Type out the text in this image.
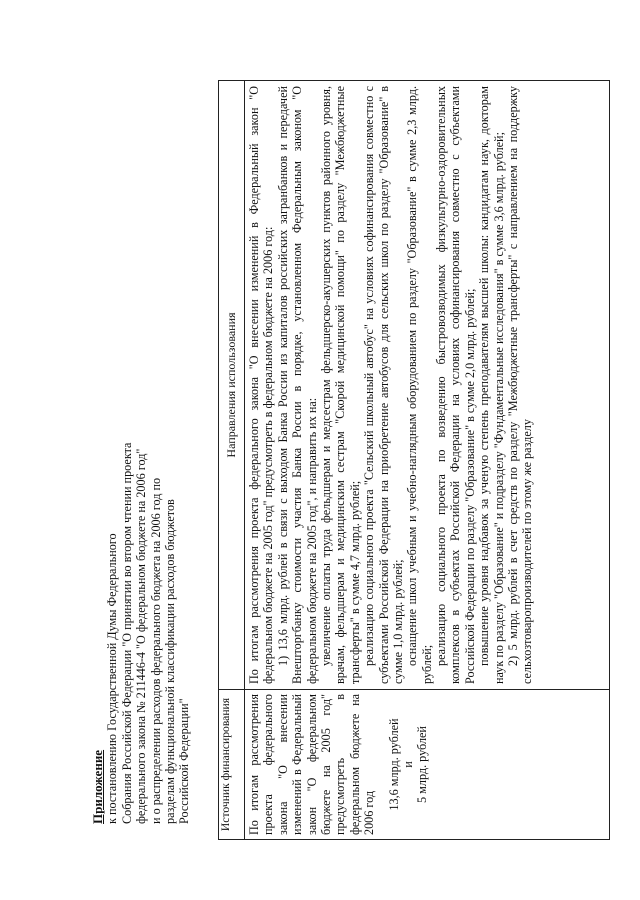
Приложение к постановлению Государственной Думы Федерального Собрания Российской Федерации "О принятии во втором чтении проекта федерального закона № 211446-4 "О федеральном бюджете на 2006 год" и о распределении расходов федерального бюджета на 2006 год по разделам функциональной классификации расходов бюджетов Российской Федерации" Источник финансирования
Направления использования

По итогам рассмотрения проекта федерального закона "О внесении изменений в Федеральный закон "О федеральном бюджете на 2005 год" предусмотреть в федеральном бюджете на 2006 год

13,6 млрд. рублей и 5 млрд. рублей

По итогам рассмотрения проекта федерального закона "О внесении изменений в Федеральный закон "О федеральном бюджете на 2005 год" предусмотреть в федеральном бюджете на 2006 год: 1) 13,6 млрд. рублей в связи с выходом Банка России из капиталов российских загранбанков и передачей Внешторгбанку стоимости участия Банка России в порядке, установленном Федеральным законом "О федеральном бюджете на 2005 год", и направить их на: увеличение оплаты труда фельдшерам и медсестрам фельдшерско-акушерских пунктов районного уровня, врачам, фельдшерам и медицинским сестрам "Скорой медицинской помощи" по разделу "Межбюджетные трансферты" в сумме 4,7 млрд. рублей; реализацию социального проекта "Сельский школьный автобус" на условиях софинансирования совместно с субъектами Российской Федерации на приобретение автобусов для сельских школ по разделу "Образование" в сумме 1,0 млрд. рублей; оснащение школ учебным и учебно-наглядным оборудованием по разделу "Образование" в сумме 2,3 млрд. рублей; реализацию социального проекта по возведению быстровозводимых физкультурно-оздоровительных комплексов в субъектах Российской Федерации на условиях софинансирования совместно с субъектами Российской Федерации по разделу "Образование" в сумме 2,0 млрд. рублей; повышение уровня надбавок за ученую степень преподавателям высшей школы: кандидатам наук, докторам наук по разделу "Образование" и подразделу "Фундаментальные исследования" в сумме 3,6 млрд. рублей; 2) 5 млрд. рублей в счет средств по разделу "Межбюджетные трансферты" с направлением на поддержку сельхозтоваропроизводителей по этому же разделу
